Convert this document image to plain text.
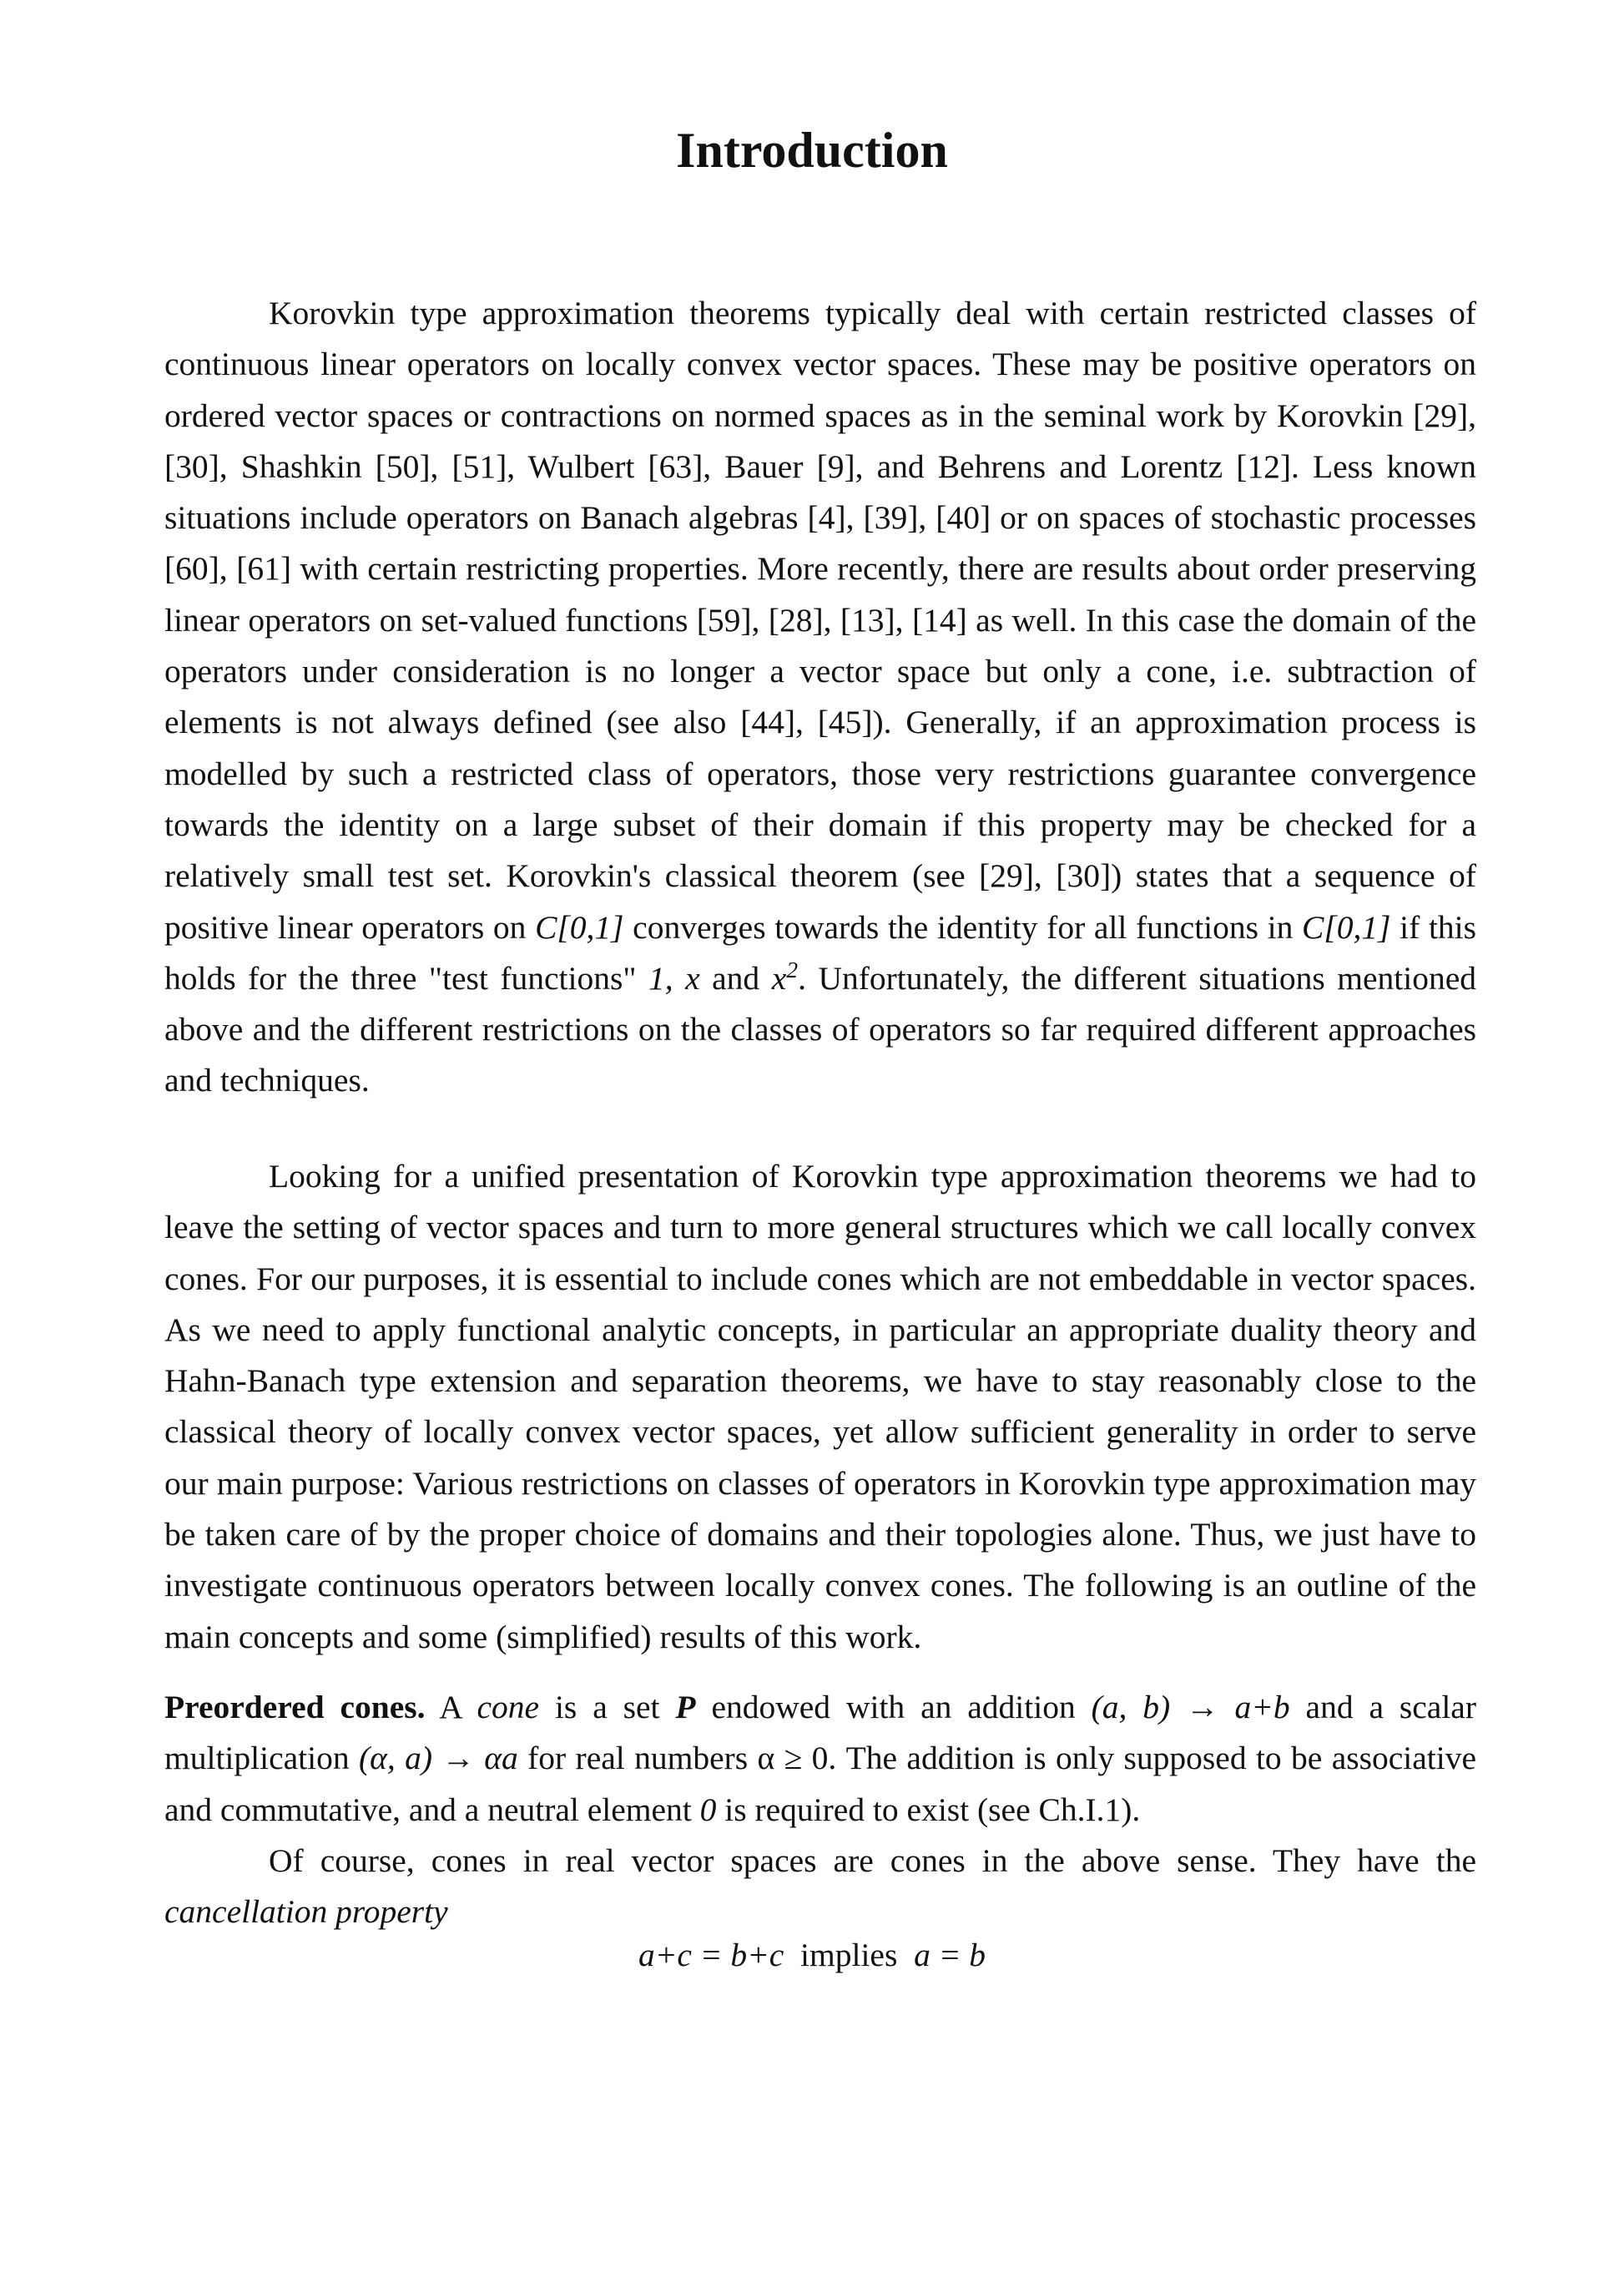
Introduction

Korovkin type approximation theorems typically deal with certain restricted classes of continuous linear operators on locally convex vector spaces. These may be positive operators on ordered vector spaces or contractions on normed spaces as in the seminal work by Korovkin [29], [30], Shashkin [50], [51], Wulbert [63], Bauer [9], and Behrens and Lorentz [12]. Less known situations include operators on Banach algebras [4], [39], [40] or on spaces of stochastic processes [60], [61] with certain restricting properties. More recently, there are results about order preserving linear operators on set-valued functions [59], [28], [13], [14] as well. In this case the domain of the operators under consideration is no longer a vector space but only a cone, i.e. subtraction of elements is not always defined (see also [44], [45]). Generally, if an approximation process is modelled by such a restricted class of operators, those very restrictions guarantee convergence towards the identity on a large subset of their domain if this property may be checked for a relatively small test set. Korovkin's classical theorem (see [29], [30]) states that a sequence of positive linear operators on C[0,1] converges towards the identity for all functions in C[0,1] if this holds for the three "test functions" 1, x and $x^2$. Unfortunately, the different situations mentioned above and the different restrictions on the classes of operators so far required different approaches and techniques.

Looking for a unified presentation of Korovkin type approximation theorems we had to leave the setting of vector spaces and turn to more general structures which we call locally convex cones. For our purposes, it is essential to include cones which are not embeddable in vector spaces. As we need to apply functional analytic concepts, in particular an appropriate duality theory and Hahn-Banach type extension and separation theorems, we have to stay reasonably close to the classical theory of locally convex vector spaces, yet allow sufficient generality in order to serve our main purpose: Various restrictions on classes of operators in Korovkin type approximation may be taken care of by the proper choice of domains and their topologies alone. Thus, we just have to investigate continuous operators between locally convex cones. The following is an outline of the main concepts and some (simplified) results of this work.

Preordered cones. A cone is a set P endowed with an addition (a, b) → a+b and a scalar multiplication (α, a) → αa for real numbers α ≥ 0. The addition is only supposed to be associative and commutative, and a neutral element 0 is required to exist (see Ch.I.1).

Of course, cones in real vector spaces are cones in the above sense. They have the cancellation property

a+c = b+c implies a = b
